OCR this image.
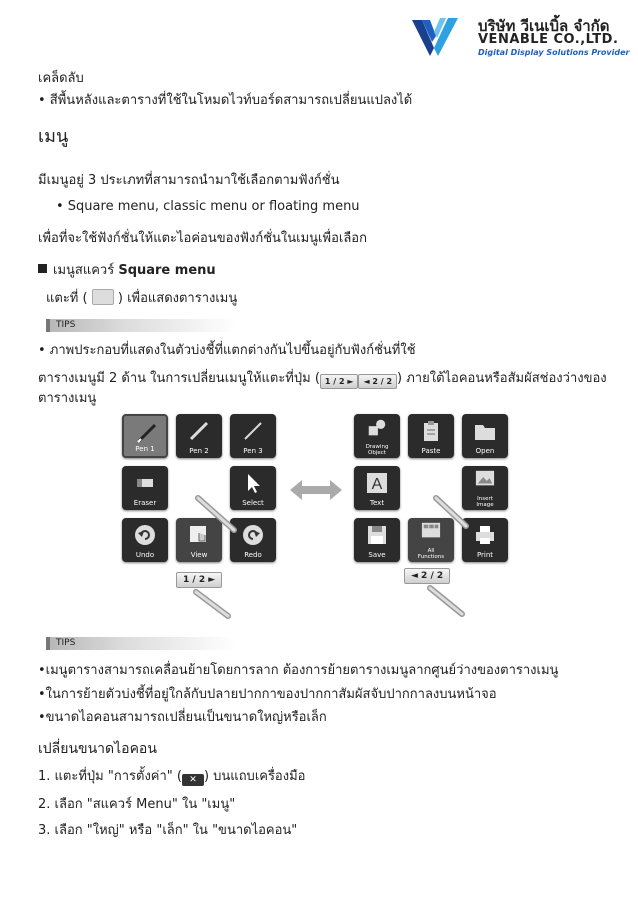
บริษัท วีเนเบิ้ล จำกัด
VENABLE CO.,LTD.
Digital Display Solutions Provider
เคล็ดลับ
• สีพื้นหลังและตารางที่ใช้ในโหมดไวท์บอร์ดสามารถเปลี่ยนแปลงได้
เมนู
มีเมนูอยู่ 3 ประเภทที่สามารถนำมาใช้เลือกตามฟังก์ชั่น
• Square menu, classic menu or floating menu
เพื่อที่จะใช้ฟังก์ชั่นให้แตะไอค่อนของฟังก์ชั่นในเมนูเพื่อเลือก
เมนูสแควร์ Square menu
แตะที่ ( ) เพื่อแสดงตารางเมนู
TIPS
• ภาพประกอบที่แสดงในตัวบ่งชี้ที่แตกต่างกันไปขึ้นอยู่กับฟังก์ชั่นที่ใช้
ตารางเมนูมี 2 ด้าน ในการเปลี่ยนเมนูให้แตะที่ปุ่ม ( 1 / 2 ► ◄ 2 / 2 ) ภายใต้ไอคอนหรือสัมผัสช่องว่างของ
ตารางเมนู
Pen 1	Pen 2	Pen 3
Eraser	Select
Undo	View	Redo
1 / 2 ►
Drawing Object	Paste	Open
A
Text	Insert Image
Save	All Functions	Print
◄ 2 / 2
TIPS
•เมนูตารางสามารถเคลื่อนย้ายโดยการลาก ต้องการย้ายตารางเมนูลากศูนย์ว่างของตารางเมนู
•ในการย้ายตัวบ่งชี้ที่อยู่ใกล้กับปลายปากกาของปากกาสัมผัสจับปากกาลงบนหน้าจอ
•ขนาดไอคอนสามารถเปลี่ยนเป็นขนาดใหญ่หรือเล็ก
เปลี่ยนขนาดไอคอน
1. แตะที่ปุ่ม "การตั้งค่า" ( ✕ ) บนแถบเครื่องมือ
2. เลือก "สแควร์ Menu" ใน "เมนู"
3. เลือก "ใหญ่" หรือ "เล็ก" ใน "ขนาดไอคอน"
